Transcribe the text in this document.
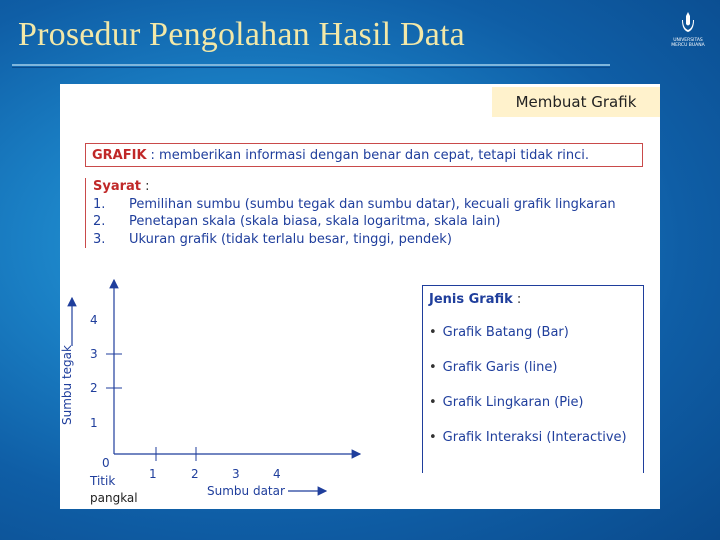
Prosedur Pengolahan Hasil Data	UNIVERSITAS MERCU BUANA
Membuat Grafik
GRAFIK : memberikan informasi dengan benar dan cepat, tetapi tidak rinci.
Syarat :
1.	Pemilihan sumbu (sumbu tegak dan sumbu datar), kecuali grafik lingkaran
2.	Penetapan skala (skala biasa, skala logaritma, skala lain)
3.	Ukuran grafik (tidak terlalu besar, tinggi, pendek)
4
3
2
1
0
1	2	3	4
Sumbu tegak
Sumbu datar
Titik
pangkal
Jenis Grafik :
• Grafik Batang (Bar)
• Grafik Garis (line)
• Grafik Lingkaran (Pie)
• Grafik Interaksi (Interactive)
